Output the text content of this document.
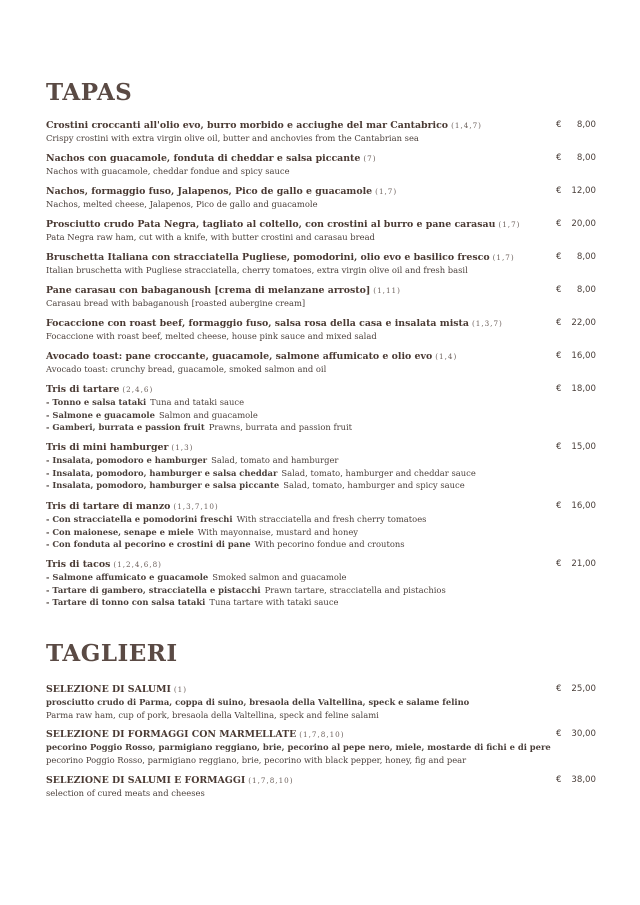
TAPAS
Crostini croccanti all'olio evo, burro morbido e acciughe del mar Cantabrico (1,4,7)
Crispy crostini with extra virgin olive oil, butter and anchovies from the Cantabrian sea
€ 8,00
Nachos con guacamole, fonduta di cheddar e salsa piccante (7)
Nachos with guacamole, cheddar fondue and spicy sauce
€ 8,00
Nachos, formaggio fuso, Jalapenos, Pico de gallo e guacamole (1,7)
Nachos, melted cheese, Jalapenos, Pico de gallo and guacamole
€ 12,00
Prosciutto crudo Pata Negra, tagliato al coltello, con crostini al burro e pane carasau (1,7)
Pata Negra raw ham, cut with a knife, with butter crostini and carasau bread
€ 20,00
Bruschetta Italiana con stracciatella Pugliese, pomodorini, olio evo e basilico fresco (1,7)
Italian bruschetta with Pugliese stracciatella, cherry tomatoes, extra virgin olive oil and fresh basil
€ 8,00
Pane carasau con babaganoush [crema di melanzane arrosto] (1,11)
Carasau bread with babaganoush [roasted aubergine cream]
€ 8,00
Focaccione con roast beef, formaggio fuso, salsa rosa della casa e insalata mista (1,3,7)
Focaccione with roast beef, melted cheese, house pink sauce and mixed salad
€ 22,00
Avocado toast: pane croccante, guacamole, salmone affumicato e olio evo (1,4)
Avocado toast: crunchy bread, guacamole, smoked salmon and oil
€ 16,00
Tris di tartare (2,4,6)
- Tonno e salsa tataki Tuna and tataki sauce
- Salmone e guacamole Salmon and guacamole
- Gamberi, burrata e passion fruit Prawns, burrata and passion fruit
€ 18,00
Tris di mini hamburger (1,3)
- Insalata, pomodoro e hamburger Salad, tomato and hamburger
- Insalata, pomodoro, hamburger e salsa cheddar Salad, tomato, hamburger and cheddar sauce
- Insalata, pomodoro, hamburger e salsa piccante Salad, tomato, hamburger and spicy sauce
€ 15,00
Tris di tartare di manzo (1,3,7,10)
- Con stracciatella e pomodorini freschi With stracciatella and fresh cherry tomatoes
- Con maionese, senape e miele With mayonnaise, mustard and honey
- Con fonduta al pecorino e crostini di pane With pecorino fondue and croutons
€ 16,00
Tris di tacos (1,2,4,6,8)
- Salmone affumicato e guacamole Smoked salmon and guacamole
- Tartare di gambero, stracciatella e pistacchi Prawn tartare, stracciatella and pistachios
- Tartare di tonno con salsa tataki Tuna tartare with tataki sauce
€ 21,00
TAGLIERI
SELEZIONE DI SALUMI (1)
prosciutto crudo di Parma, coppa di suino, bresaola della Valtellina, speck e salame felino
Parma raw ham, cup of pork, bresaola della Valtellina, speck and feline salami
€ 25,00
SELEZIONE DI FORMAGGI CON MARMELLATE (1,7,8,10)
pecorino Poggio Rosso, parmigiano reggiano, brie, pecorino al pepe nero, miele, mostarde di fichi e di pere
pecorino Poggio Rosso, parmigiano reggiano, brie, pecorino with black pepper, honey, fig and pear
€ 30,00
SELEZIONE DI SALUMI E FORMAGGI (1,7,8,10)
selection of cured meats and cheeses
€ 38,00
